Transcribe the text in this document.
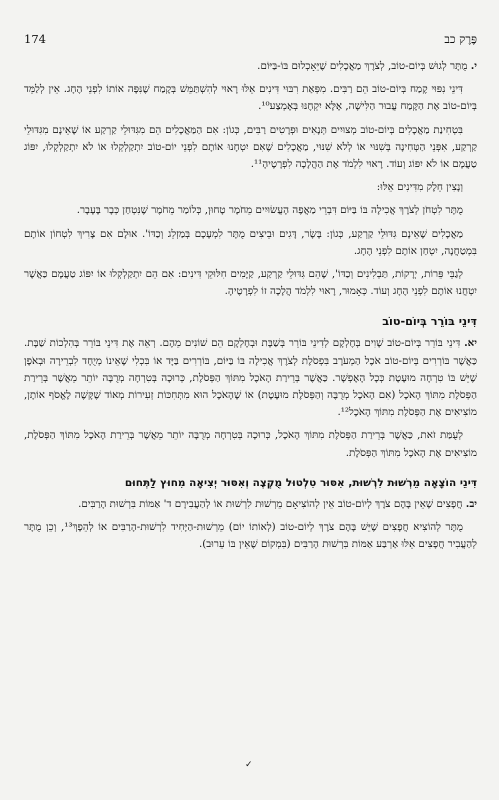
פֶּרֶק כב
174

י. מֻתָּר לְגוּשׁ בְּיוֹם-טוֹב, לְצֹרֶךְ מַאֲכָלִים שֶׁיֵּאָכְלוּם בּוֹ-בַּיּוֹם.

דִּינֵי נִפּוּי קֶמַח בְּיוֹם-טוֹב הֵם רַבִּים. מִפְּאַת רִבּוּי דִּינִים אֵלּוּ רָאוּי לְהִשְׁתַּמֵּשׁ בְּקֶמַח שֶׁנִּפָּה אוֹתוֹ לִפְנֵי הֶחָג. אֵין לְלַמֵּד בְּיוֹם-טוֹב אֶת הַקֶּמַח עֲבוּר הַלִּישָׁה, אֶלָּא יִקְחֶנּוּ בְּאֶמְצַע¹⁰.

בִּטְחִינַת מַאֲכָלִים בְּיוֹם-טוֹב מְצוּיִים תְּנָאִים וּפְרָטִים רַבִּים, כְּגוֹן: אִם הַמַּאֲכָלִים הֵם מִגִּדּוּלֵי קַרְקַע אוֹ שֶׁאֵינָם מִגִּדּוּלֵי קַרְקַע, אִפְּנֵי הַטְּחִינָה בְּשִׁנּוּי אוֹ לְלֹא שִׁנּוּי, מַאֲכָלִים שֶׁאִם יִטְחָנוּ אוֹתָם לִפְנֵי יוֹם-טוֹב יִתְקַלְקְלוּ אוֹ לֹא יִתְקַלְקְלוּ, יִפּוֹג טַעֲמָם אוֹ לֹא יִפּוֹג וְעוֹד. רָאוּי לִלְמֹד אֶת הַהֲלָכָה לִפְרָטֶיהָ¹¹.

וְנָצִין חֵלֶק מִדִּינִים אֵלּוּ:

מֻתָּר לִטְחֹן לְצֹרֶךְ אֲכִילָה בּוֹ בַּיּוֹם דִּבְרֵי מַאֲפֶה הָעֲשׂוּיִים מֵחֹמֶר טָחוּן, כְּלוֹמַר מֵחֹמֶר שֶׁנִּטְחַן כְּבָר בֶּעָבָר.

מַאֲכָלִים שֶׁאֵינָם גִּדּוּלֵי קַרְקַע, כְּגוֹן: בָּשָׂר, דָּגִים וּבֵיצִים מֻתָּר לִמְעָכָם בְּמַזְלֵג וְכַדּוֹ'. אוּלָם אִם צָרִיךְ לִטְחוֹן אוֹתָם בִּמְטַחֲנָה, יִטְחַן אוֹתָם לִפְנֵי הֶחָג.

לְגַבֵּי פֵּרוֹת, יְרָקוֹת, תַּבְלִינִים וְכַדּוֹ', שֶׁהֵם גִּדּוּלֵי קַרְקַע, קַיָּמִים חִלּוּקֵי דִּינִים: אִם הֵם יִתְקַלְקְלוּ אוֹ יִפּוֹג טַעֲמָם כַּאֲשֶׁר יִטְחֲנוּ אוֹתָם לִפְנֵי הֶחָג וְעוֹד. כְּאָמוּר, רָאוּי לִלְמֹד הֲלָכָה זוֹ לִפְרָטֶיהָ.

דִּינֵי בּוֹרֵר בְּיוֹם-טוֹב

יא. דִּינֵי בּוֹרֵר בְּיוֹם-טוֹב שָׁוִים בְּחֶלְקָם לְדִינֵי בּוֹרֵר בְּשַׁבָּת וּבְחֶלְקָם הֵם שׁוֹנִים מֵהֶם. רְאֵה אֶת דִּינֵי בּוֹרֵר בְּהִלְכוֹת שַׁבָּת. כַּאֲשֶׁר בּוֹרְרִים בְּיוֹם-טוֹב אֹכֶל הַמְעֹרָב בִּפְסֹלֶת לְצֹרֶךְ אֲכִילָה בּוֹ בַּיּוֹם, בּוֹרְרִים בַּיָּד אוֹ בִּכְלִי שֶׁאֵינוֹ מְיֻחָד לִבְרֵירָה וּבְאֹפֶן שֶׁיֵּשׁ בּוֹ טִרְחָה מוּעֶטֶת כְּכָל הָאֶפְשָׁר. כַּאֲשֶׁר בְּרֵירַת הָאֹכֶל מִתּוֹךְ הַפְּסֹלֶת, כְּרוּכָה בְּטִרְחָה מְרֻבָּה יוֹתֵר מֵאֲשֶׁר בְּרֵירַת הַפְּסֹלֶת מִתּוֹךְ הָאֹכֶל (אִם הָאֹכֶל מְרֻבֶּה וְהַפְּסֹלֶת מוּעֶטֶת) אוֹ שֶׁהָאֹכֶל הוּא מִתְּחִכּוֹת זְעִירוֹת מְאוֹד שֶׁקָּשֶׁה לֶאֱסֹף אוֹתָן, מוֹצִיאִים אֶת הַפְּסֹלֶת מִתּוֹךְ הָאֹכֶל¹².

לְעֻמַּת זֹאת, כַּאֲשֶׁר בְּרֵירַת הַפְּסֹלֶת מִתּוֹךְ הָאֹכֶל, כְּרוּכָה בְּטִרְחָה מְרֻבָּה יוֹתֵר מֵאֲשֶׁר בְּרֵירַת הָאֹכֶל מִתּוֹךְ הַפְּסֹלֶת, מוֹצִיאִים אֶת הָאֹכֶל מִתּוֹךְ הַפְּסֹלֶת.

דִּינֵי הוֹצָאָה מֵרְשׁוּת לִרְשׁוּת, אִסּוּר טִלְטוּל מֻקְצֶה וְאִסּוּר יְצִיאָה מִחוּץ לַתְּחוּם

יב. חֲפָצִים שֶׁאֵין בָּהֶם צֹרֶךְ לְיוֹם-טוֹב אֵין לְהוֹצִיאָם מֵרְשׁוּת לִרְשׁוּת אוֹ לְהַעֲבִירָם ד' אַמּוֹת בִּרְשׁוּת הָרַבִּים.

מֻתָּר לְהוֹצִיא חֲפָצִים שֶׁיֵּשׁ בָּהֶם צֹרֶךְ לְיוֹם-טוֹב (לְאוֹתוֹ יוֹם) מֵרְשׁוּת-הַיָּחִיד לִרְשׁוּת-הָרַבִּים אוֹ לְהֵפֶךְ¹³, וְכֵן מֻתָּר לְהַעֲבִיר חֲפָצִים אֵלּוּ אַרְבַּע אַמּוֹת בִּרְשׁוּת הָרַבִּים (בִּמְקוֹם שֶׁאֵין בּוֹ עֵרוּב).

✓
